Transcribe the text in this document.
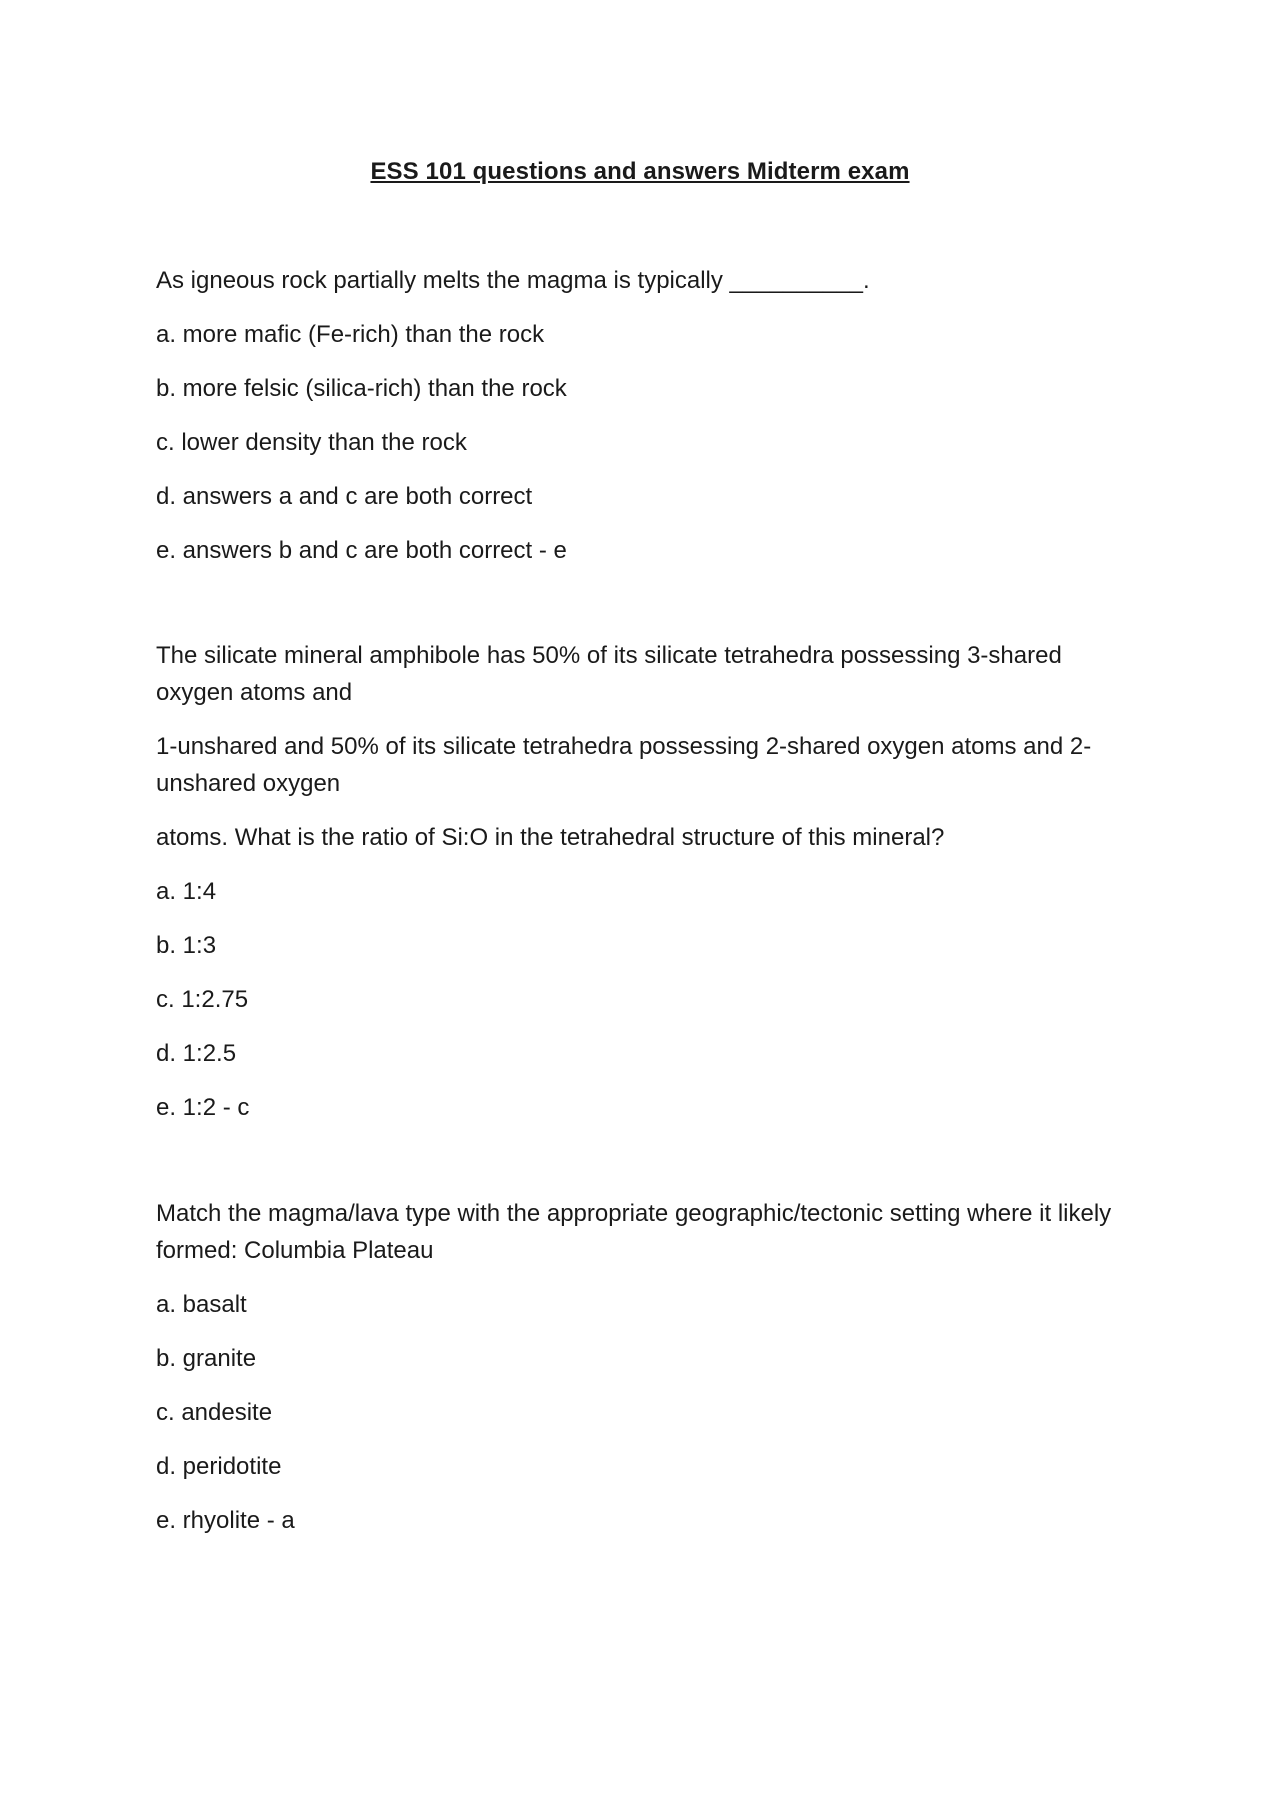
ESS 101 questions and answers Midterm exam

As igneous rock partially melts the magma is typically __________.

a. more mafic (Fe-rich) than the rock

b. more felsic (silica-rich) than the rock

c. lower density than the rock

d. answers a and c are both correct

e. answers b and c are both correct - e

The silicate mineral amphibole has 50% of its silicate tetrahedra possessing 3-shared oxygen atoms and

1-unshared and 50% of its silicate tetrahedra possessing 2-shared oxygen atoms and 2-unshared oxygen

atoms. What is the ratio of Si:O in the tetrahedral structure of this mineral?

a. 1:4

b. 1:3

c. 1:2.75

d. 1:2.5

e. 1:2 - c

Match the magma/lava type with the appropriate geographic/tectonic setting where it likely formed: Columbia Plateau

a. basalt

b. granite

c. andesite

d. peridotite

e. rhyolite - a
